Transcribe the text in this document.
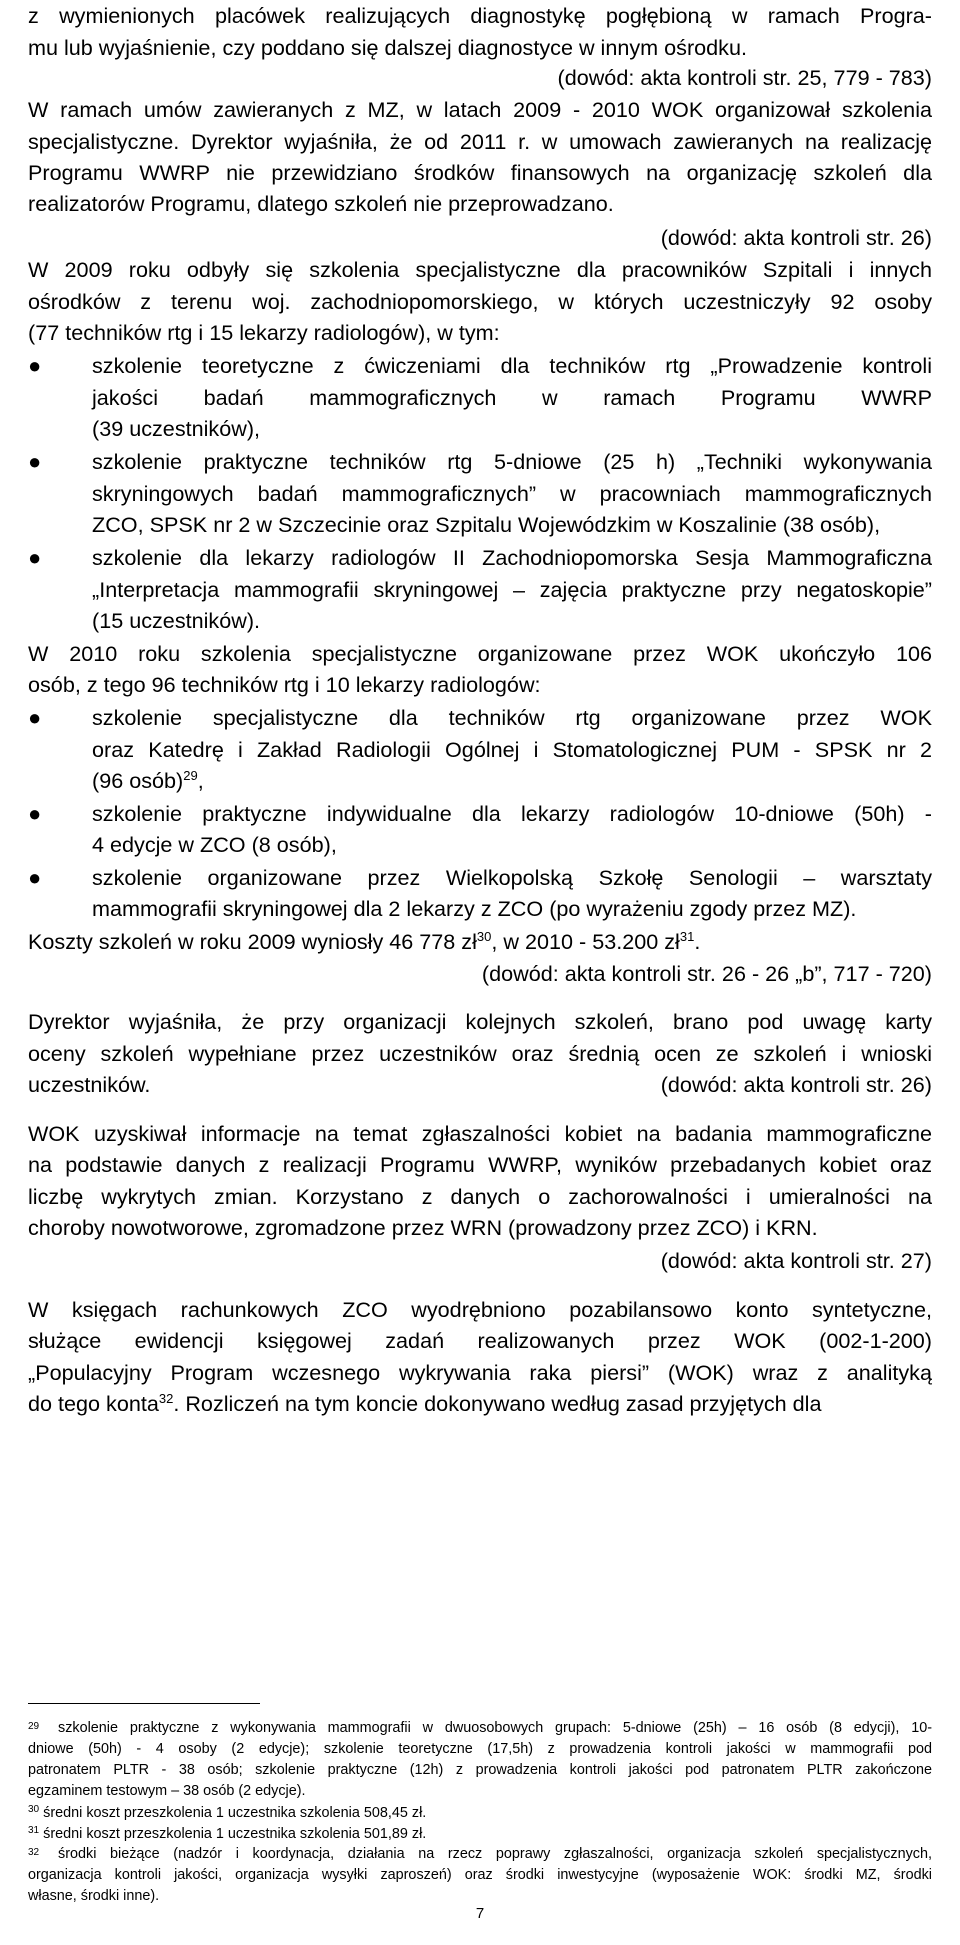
z wymienionych placówek realizujących diagnostykę pogłębioną w ramach Progra-
mu lub wyjaśnienie, czy poddano się dalszej diagnostyce w innym ośrodku.
(dowód: akta kontroli str. 25, 779 - 783)
W ramach umów zawieranych z MZ, w latach 2009 - 2010 WOK organizował szkolenia
specjalistyczne. Dyrektor wyjaśniła, że od 2011 r. w umowach zawieranych na realizację
Programu WWRP nie przewidziano środków finansowych na organizację szkoleń dla
realizatorów Programu, dlatego szkoleń nie przeprowadzano.
(dowód: akta kontroli str. 26)
W 2009 roku odbyły się szkolenia specjalistyczne dla pracowników Szpitali i innych
ośrodków z terenu woj. zachodniopomorskiego, w których uczestniczyły 92 osoby
(77 techników rtg i 15 lekarzy radiologów), w tym:
● szkolenie teoretyczne z ćwiczeniami dla techników rtg „Prowadzenie kontroli
jakości badań mammograficznych w ramach Programu WWRP
(39 uczestników),
● szkolenie praktyczne techników rtg 5-dniowe (25 h) „Techniki wykonywania
skryningowych badań mammograficznych” w pracowniach mammograficznych
ZCO, SPSK nr 2 w Szczecinie oraz Szpitalu Wojewódzkim w Koszalinie (38 osób),
● szkolenie dla lekarzy radiologów II Zachodniopomorska Sesja Mammograficzna
„Interpretacja mammografii skryningowej – zajęcia praktyczne przy negatoskopie”
(15 uczestników).
W 2010 roku szkolenia specjalistyczne organizowane przez WOK ukończyło 106
osób, z tego 96 techników rtg i 10 lekarzy radiologów:
● szkolenie specjalistyczne dla techników rtg organizowane przez WOK
oraz Katedrę i Zakład Radiologii Ogólnej i Stomatologicznej PUM - SPSK nr 2
(96 osób)$^{29}$,
● szkolenie praktyczne indywidualne dla lekarzy radiologów 10-dniowe (50h) -
4 edycje w ZCO (8 osób),
● szkolenie organizowane przez Wielkopolską Szkołę Senologii – warsztaty
mammografii skryningowej dla 2 lekarzy z ZCO (po wyrażeniu zgody przez MZ).
Koszty szkoleń w roku 2009 wyniosły 46 778 $zł^{30}$, w 2010 - 53.200 $zł^{31}$.
(dowód: akta kontroli str. 26 - 26 „b”, 717 - 720)
Dyrektor wyjaśniła, że przy organizacji kolejnych szkoleń, brano pod uwagę karty
oceny szkoleń wypełniane przez uczestników oraz średnią ocen ze szkoleń i wnioski
uczestników.	(dowód: akta kontroli str. 26)
WOK uzyskiwał informacje na temat zgłaszalności kobiet na badania mammograficzne
na podstawie danych z realizacji Programu WWRP, wyników przebadanych kobiet oraz
liczbę wykrytych zmian. Korzystano z danych o zachorowalności i umieralności na
choroby nowotworowe, zgromadzone przez WRN (prowadzony przez ZCO) i KRN.
(dowód: akta kontroli str. 27)
W księgach rachunkowych ZCO wyodrębniono pozabilansowo konto syntetyczne,
służące ewidencji księgowej zadań realizowanych przez WOK (002-1-200)
„Populacyjny Program wczesnego wykrywania raka piersi” (WOK) wraz z analityką
do tego konta$^{32}$. Rozliczeń na tym koncie dokonywano według zasad przyjętych dla
$^{29}$	szkolenie praktyczne z wykonywania mammografii w dwuosobowych grupach: 5-dniowe (25h) – 16 osób (8 edycji), 10-
dniowe (50h) - 4 osoby (2 edycje); szkolenie teoretyczne (17,5h) z prowadzenia kontroli jakości w mammografii pod
patronatem PLTR - 38 osób; szkolenie praktyczne (12h) z prowadzenia kontroli jakości pod patronatem PLTR zakończone
egzaminem testowym – 38 osób (2 edycje).
$^{30}$ średni koszt przeszkolenia 1 uczestnika szkolenia 508,45 zł.
$^{31}$ średni koszt przeszkolenia 1 uczestnika szkolenia 501,89 zł.
$^{32}$	środki bieżące (nadzór i koordynacja, działania na rzecz poprawy zgłaszalności, organizacja szkoleń specjalistycznych,
organizacja kontroli jakości, organizacja wysyłki zaproszeń) oraz środki inwestycyjne (wyposażenie WOK: środki MZ, środki
własne, środki inne).
7
